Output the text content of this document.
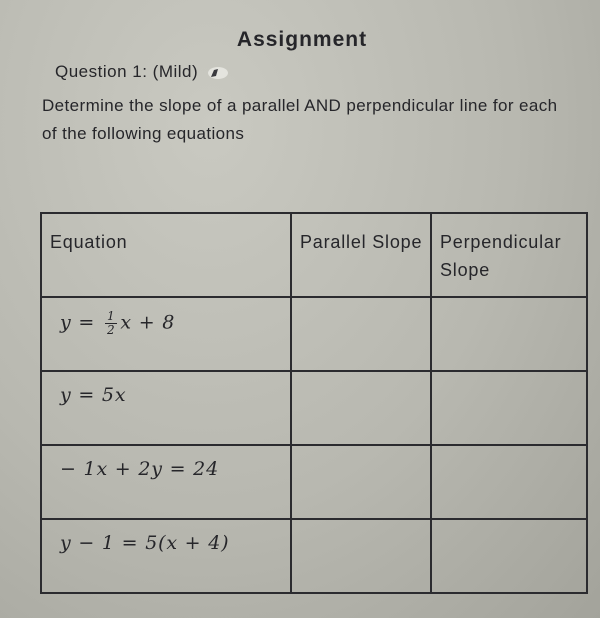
Assignment
Question 1: (Mild)
Determine the slope of a parallel AND perpendicular line for each of the following equations
Equation	Parallel Slope	Perpendicular Slope

$y = \frac{1}{2}$ x + 8		

y = 5x		

− 1x + 2y = 24		

y − 1 = 5(x + 4)		
